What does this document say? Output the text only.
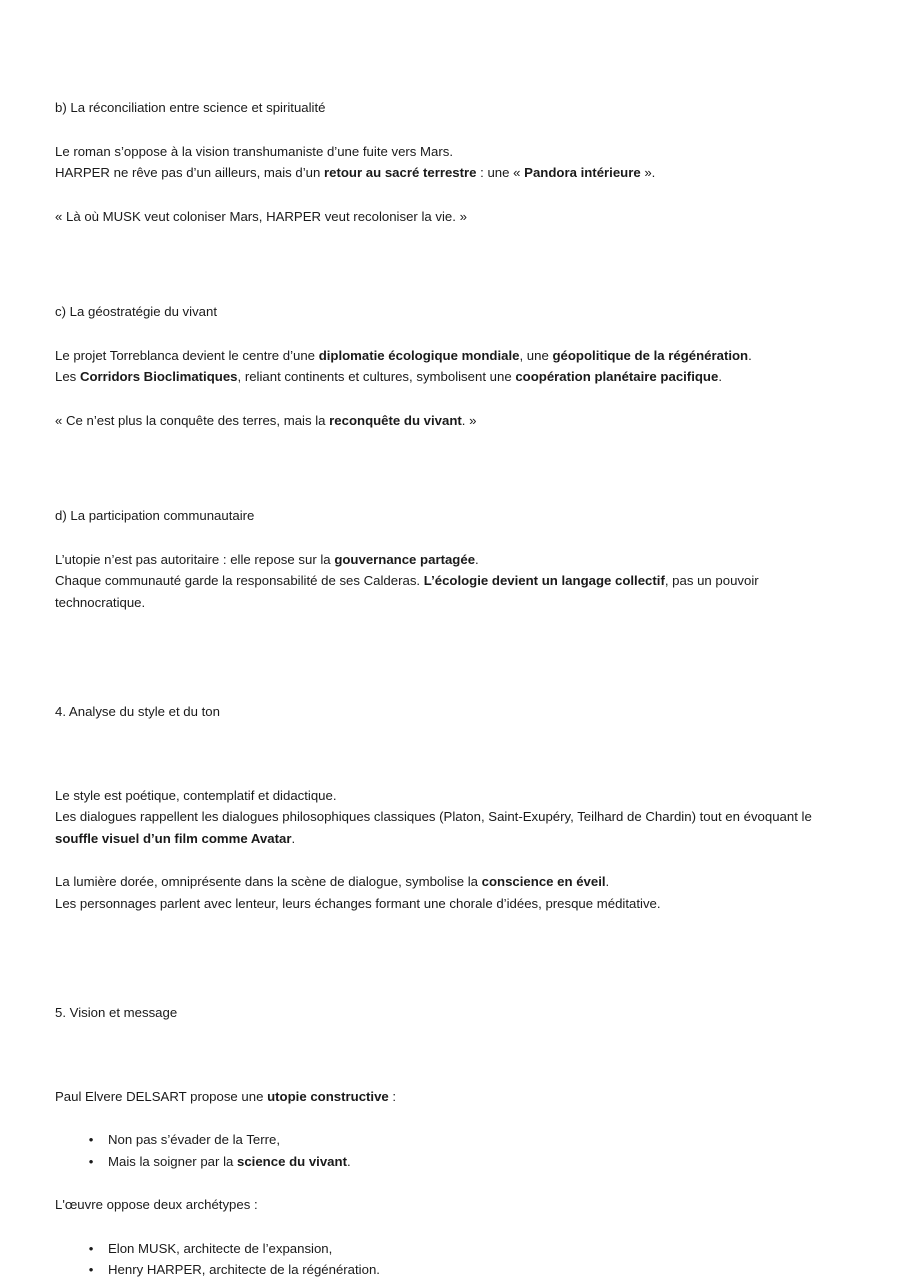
b) La réconciliation entre science et spiritualité
Le roman s’oppose à la vision transhumaniste d’une fuite vers Mars.
HARPER ne rêve pas d’un ailleurs, mais d’un retour au sacré terrestre : une « Pandora intérieure ».
« Là où MUSK veut coloniser Mars, HARPER veut recoloniser la vie. »
c) La géostratégie du vivant
Le projet Torreblanca devient le centre d’une diplomatie écologique mondiale, une géopolitique de la régénération.
Les Corridors Bioclimatiques, reliant continents et cultures, symbolisent une coopération planétaire pacifique.
« Ce n’est plus la conquête des terres, mais la reconquête du vivant. »
d) La participation communautaire
L’utopie n’est pas autoritaire : elle repose sur la gouvernance partagée.
Chaque communauté garde la responsabilité de ses Calderas. L’écologie devient un langage collectif, pas un pouvoir technocratique.
4. Analyse du style et du ton
Le style est poétique, contemplatif et didactique.
Les dialogues rappellent les dialogues philosophiques classiques (Platon, Saint-Exupéry, Teilhard de Chardin) tout en évoquant le souffle visuel d’un film comme Avatar.
La lumière dorée, omniprésente dans la scène de dialogue, symbolise la conscience en éveil.
Les personnages parlent avec lenteur, leurs échanges formant une chorale d’idées, presque méditative.
5. Vision et message
Paul Elvere DELSART propose une utopie constructive :
• Non pas s’évader de la Terre,
• Mais la soigner par la science du vivant.
L'œuvre oppose deux archétypes :
• Elon MUSK, architecte de l’expansion,
• Henry HARPER, architecte de la régénération.
